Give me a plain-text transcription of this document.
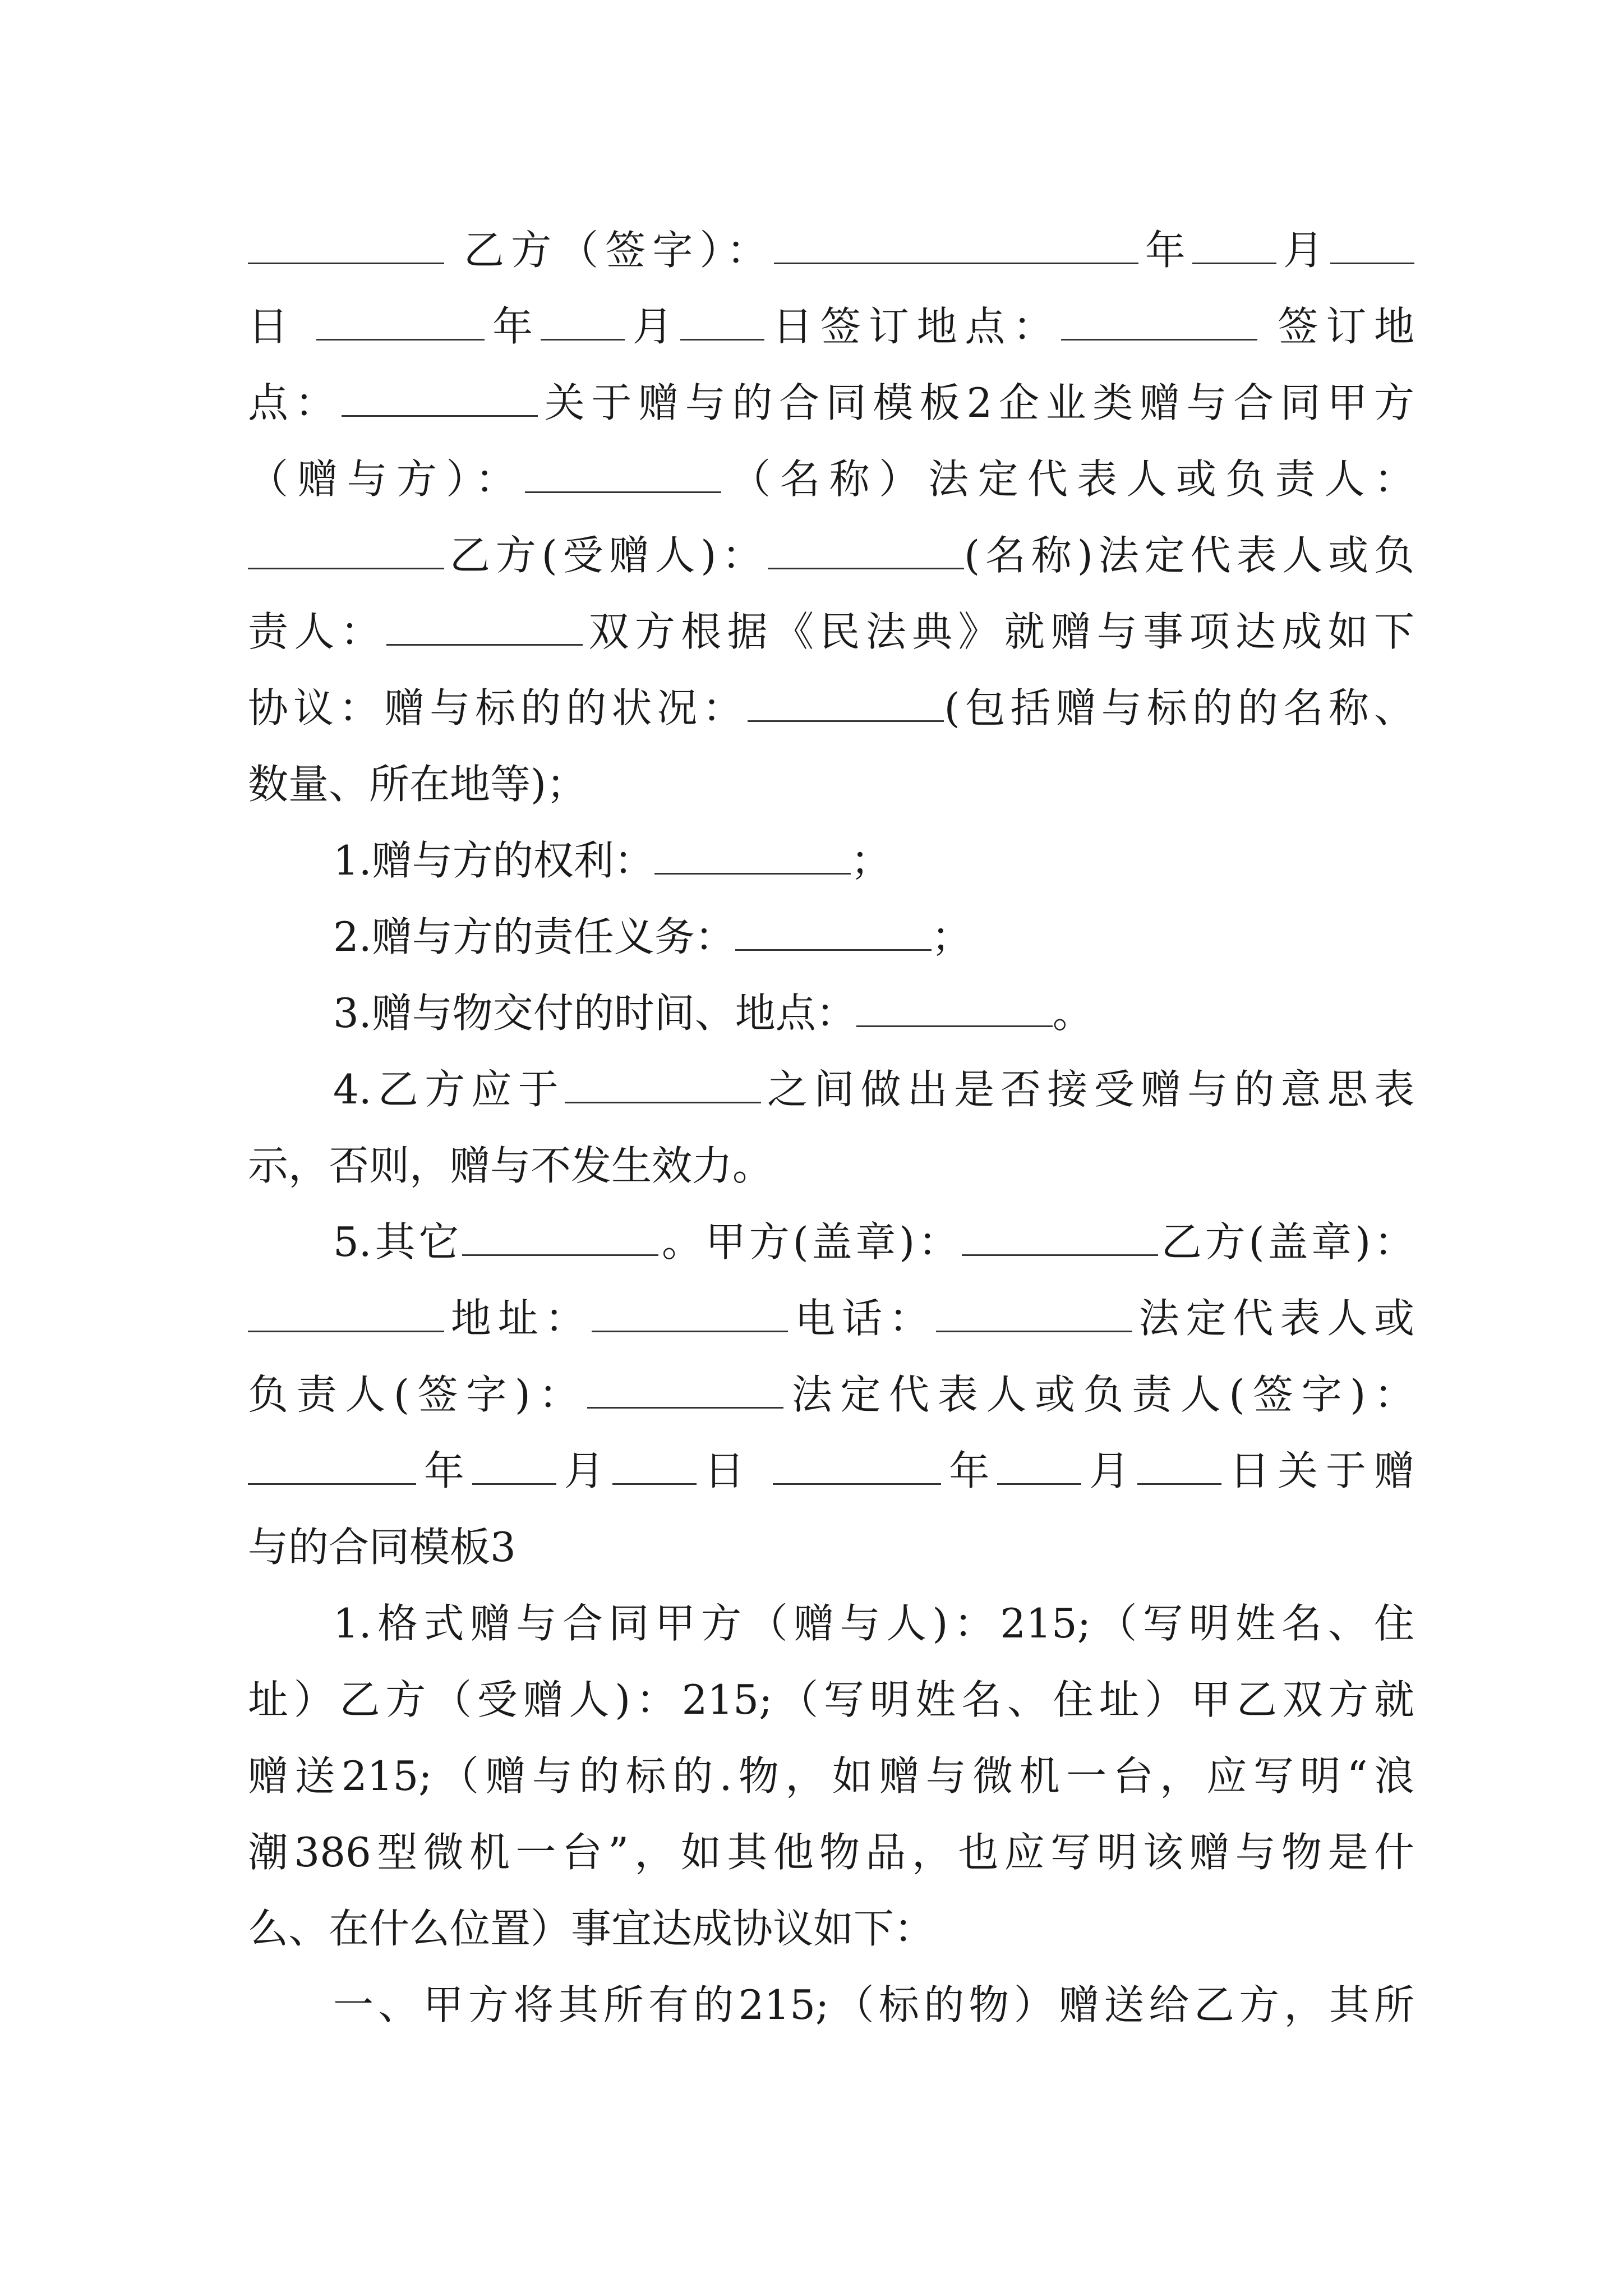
乙方（签字）：	年 月
日	年 月 日签订地点：	签订地
点：	关于赠与的合同模板2企业类赠与合同甲方
（赠与方）：	（名称）法定代表人或负责人：
乙方(受赠人)：	(名称)法定代表人或负
责人：	双方根据《民法典》就赠与事项达成如下
协议：赠与标的的状况：	(包括赠与标的的名称、
数量、所在地等)；
1.赠与方的权利：	；
2.赠与方的责任义务：	；
3.赠与物交付的时间、地点：	。
4.乙方应于	之间做出是否接受赠与的意思表
示，否则，赠与不发生效力。
5.其它	。甲方(盖章)：	乙方(盖章)：
地址：	电话：	法定代表人或
负责人(签字)：	法定代表人或负责人(签字)：
年 月 日	年 月 日关于赠
与的合同模板3
1.格式赠与合同甲方（赠与人)：215;（写明姓名、住
址）乙方（受赠人)：215;（写明姓名、住址）甲乙双方就
赠送215;（赠与的标的.物，如赠与微机一台，应写明“浪
潮386型微机一台”，如其他物品，也应写明该赠与物是什
么、在什么位置）事宜达成协议如下：
一、甲方将其所有的215;（标的物）赠送给乙方，其所
